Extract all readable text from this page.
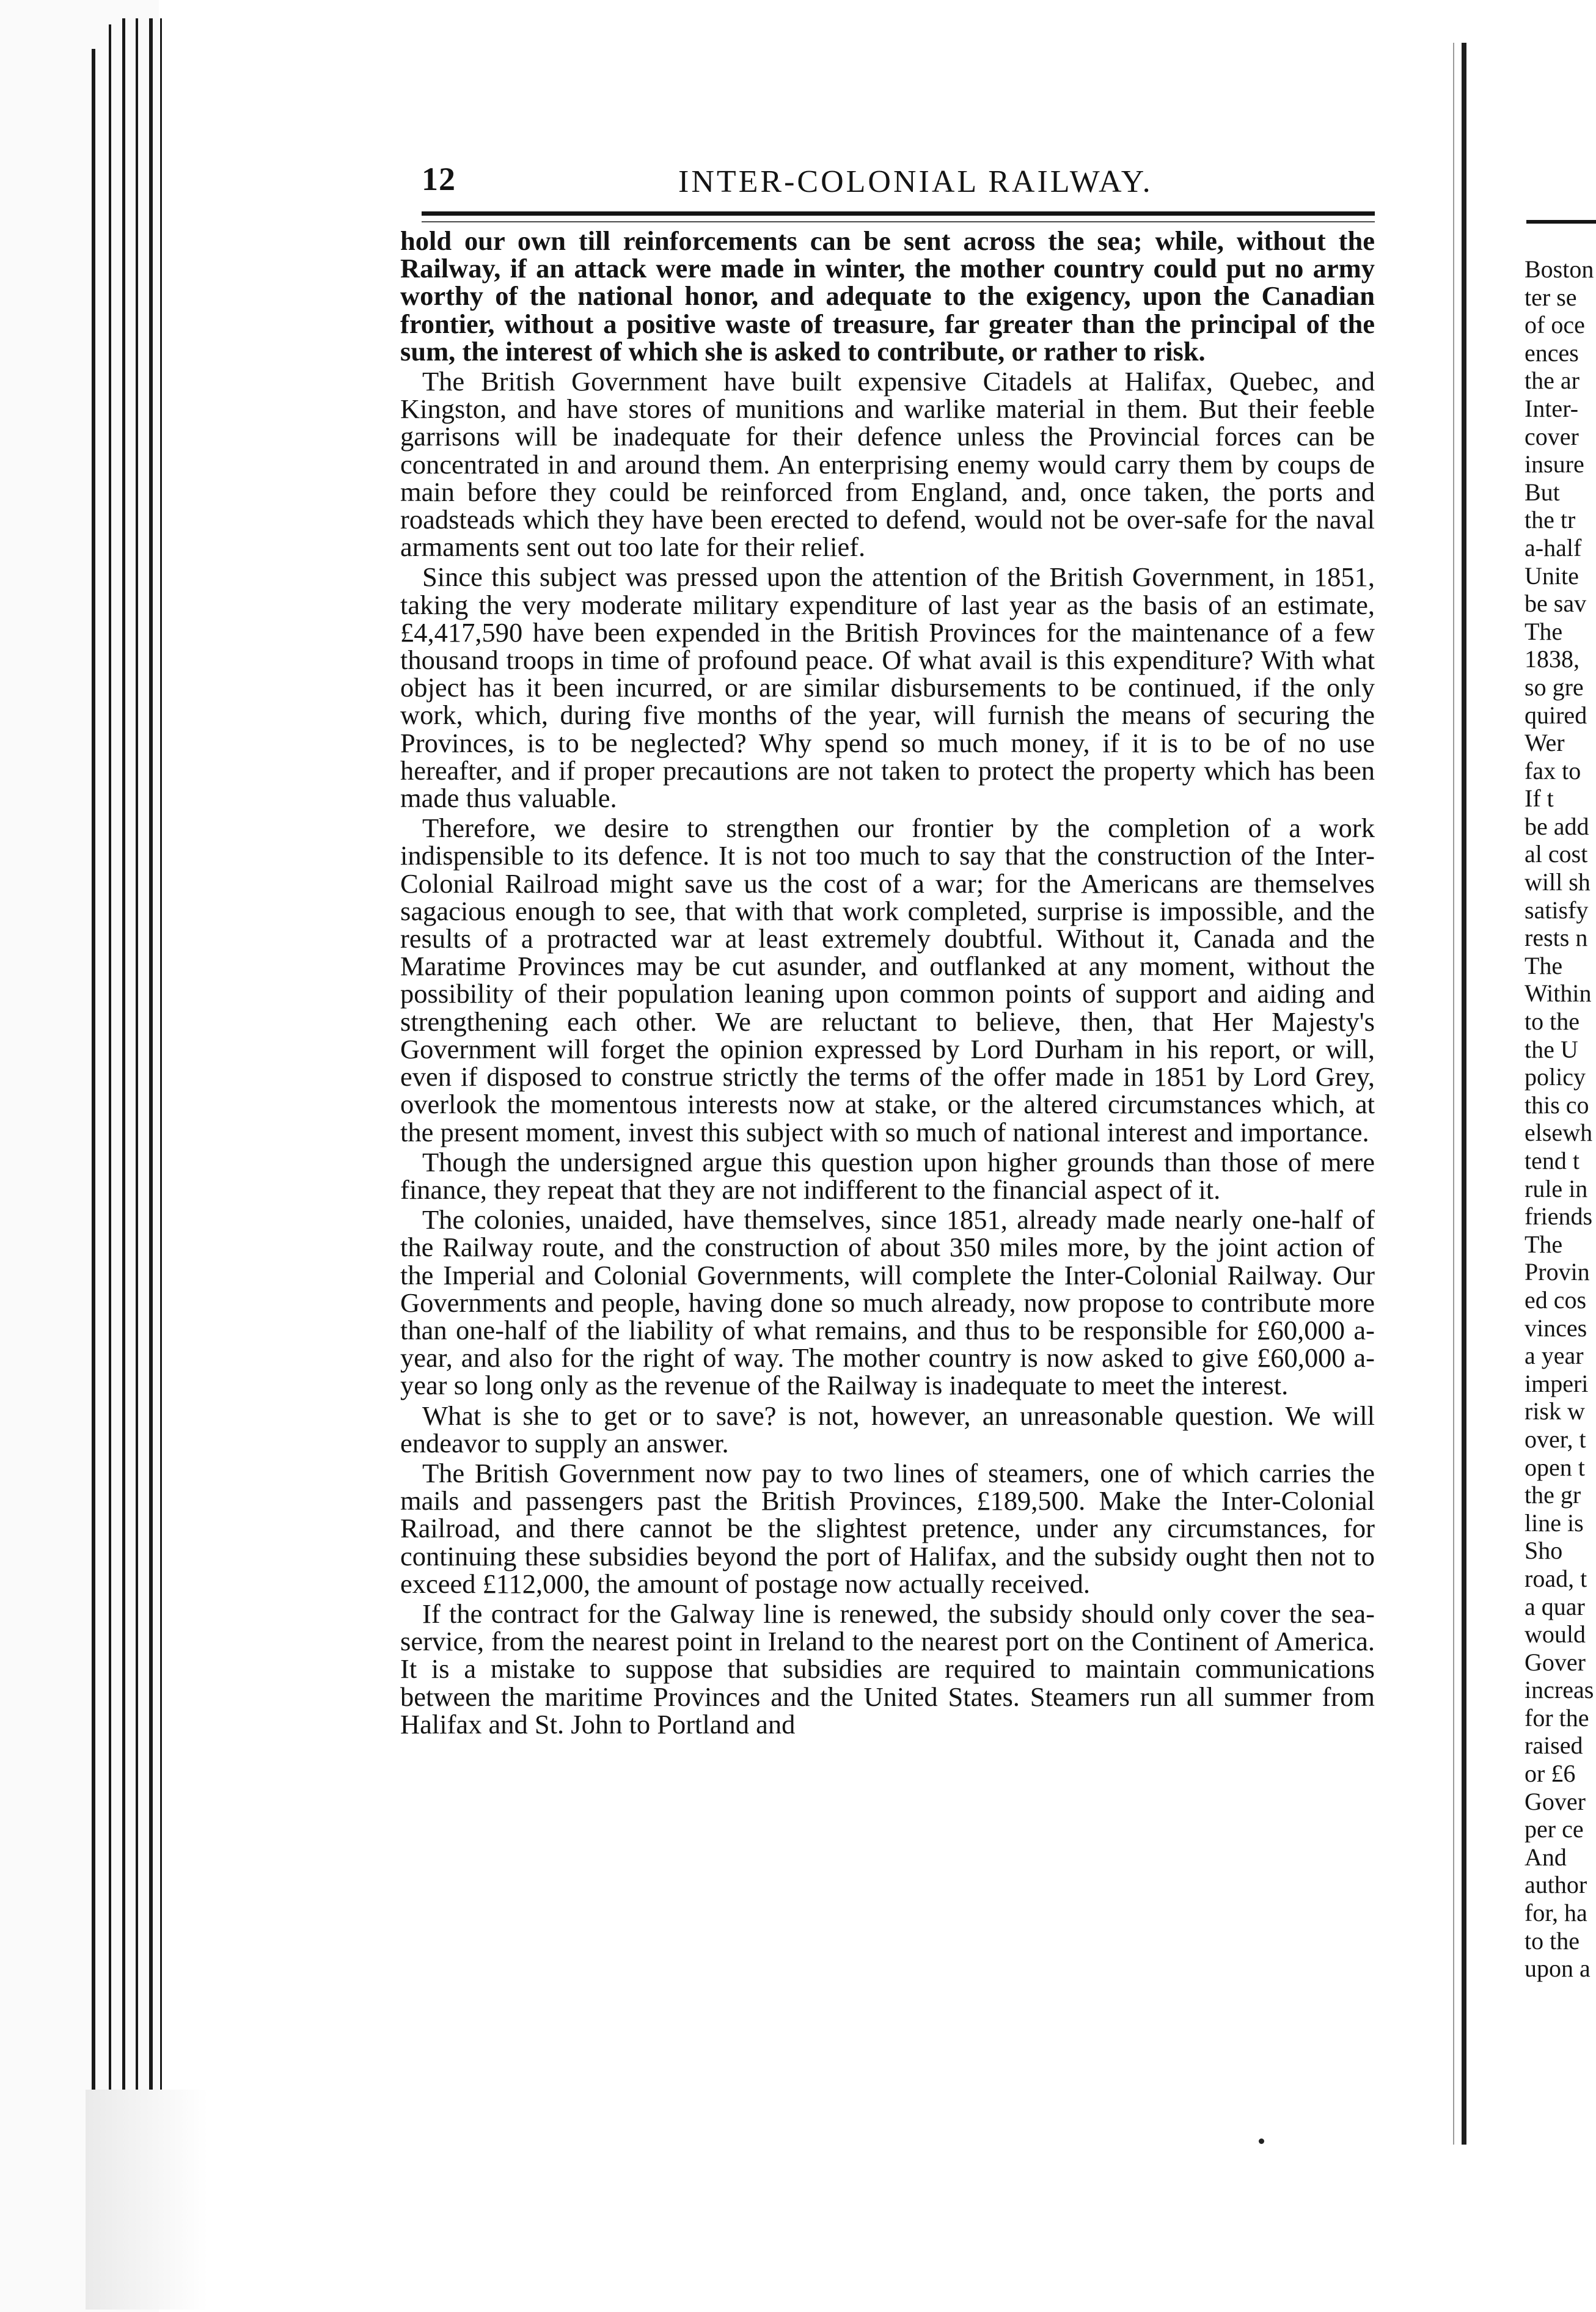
12	INTER-COLONIAL RAILWAY.

hold our own till reinforcements can be sent across the sea; while, without the Railway, if an attack were made in winter, the mother country could put no army worthy of the national honor, and adequate to the exigency, upon the Canadian frontier, without a positive waste of treasure, far greater than the principal of the sum, the interest of which she is asked to contribute, or rather to risk.

The British Government have built expensive Citadels at Halifax, Quebec, and Kingston, and have stores of munitions and warlike material in them. But their feeble garrisons will be inadequate for their defence unless the Provincial forces can be concentrated in and around them. An enterprising enemy would carry them by coups de main before they could be reinforced from England, and, once taken, the ports and roadsteads which they have been erected to defend, would not be over-safe for the naval armaments sent out too late for their relief.

Since this subject was pressed upon the attention of the British Government, in 1851, taking the very moderate military expenditure of last year as the basis of an estimate, £4,417,590 have been expended in the British Provinces for the maintenance of a few thousand troops in time of profound peace. Of what avail is this expenditure? With what object has it been incurred, or are similar disbursements to be continued, if the only work, which, during five months of the year, will furnish the means of securing the Provinces, is to be neglected? Why spend so much money, if it is to be of no use hereafter, and if proper precautions are not taken to protect the property which has been made thus valuable.

Therefore, we desire to strengthen our frontier by the completion of a work indispensible to its defence. It is not too much to say that the construction of the Inter-Colonial Railroad might save us the cost of a war; for the Americans are themselves sagacious enough to see, that with that work completed, surprise is impossible, and the results of a protracted war at least extremely doubtful. Without it, Canada and the Maratime Provinces may be cut asunder, and outflanked at any moment, without the possibility of their population leaning upon common points of support and aiding and strengthening each other. We are reluctant to believe, then, that Her Majesty's Government will forget the opinion expressed by Lord Durham in his report, or will, even if disposed to construe strictly the terms of the offer made in 1851 by Lord Grey, overlook the momentous interests now at stake, or the altered circumstances which, at the present moment, invest this subject with so much of national interest and importance.

Though the undersigned argue this question upon higher grounds than those of mere finance, they repeat that they are not indifferent to the financial aspect of it.

The colonies, unaided, have themselves, since 1851, already made nearly one-half of the Railway route, and the construction of about 350 miles more, by the joint action of the Imperial and Colonial Governments, will complete the Inter-Colonial Railway. Our Governments and people, having done so much already, now propose to contribute more than one-half of the liability of what remains, and thus to be responsible for £60,000 a-year, and also for the right of way. The mother country is now asked to give £60,000 a-year so long only as the revenue of the Railway is inadequate to meet the interest.

What is she to get or to save? is not, however, an unreasonable question. We will endeavor to supply an answer.

The British Government now pay to two lines of steamers, one of which carries the mails and passengers past the British Provinces, £189,500. Make the Inter-Colonial Railroad, and there cannot be the slightest pretence, under any circumstances, for continuing these subsidies beyond the port of Halifax, and the subsidy ought then not to exceed £112,000, the amount of postage now actually received.

If the contract for the Galway line is renewed, the subsidy should only cover the sea-service, from the nearest point in Ireland to the nearest port on the Continent of America. It is a mistake to suppose that subsidies are required to maintain communications between the maritime Provinces and the United States. Steamers run all summer from Halifax and St. John to Portland and

Boston
ter se
of oce
ences
the ar
Inter-
cover
insure
But
the tr
a-half
Unite
be sav
The
1838,
so gre
quired
Wer
fax to
If t
be add
al cost
will sh
satisfy
rests n
The
Within
to the
the U
policy
this co
elsewh
tend t
rule in
friends
The
Provin
ed cos
vinces
a year
imperi
risk w
over, t
open t
the gr
line is
Sho
road, t
a quar
would
Gover
increas
for the
raised
or £6
Gover
per ce
And
author
for, ha
to the
upon a
